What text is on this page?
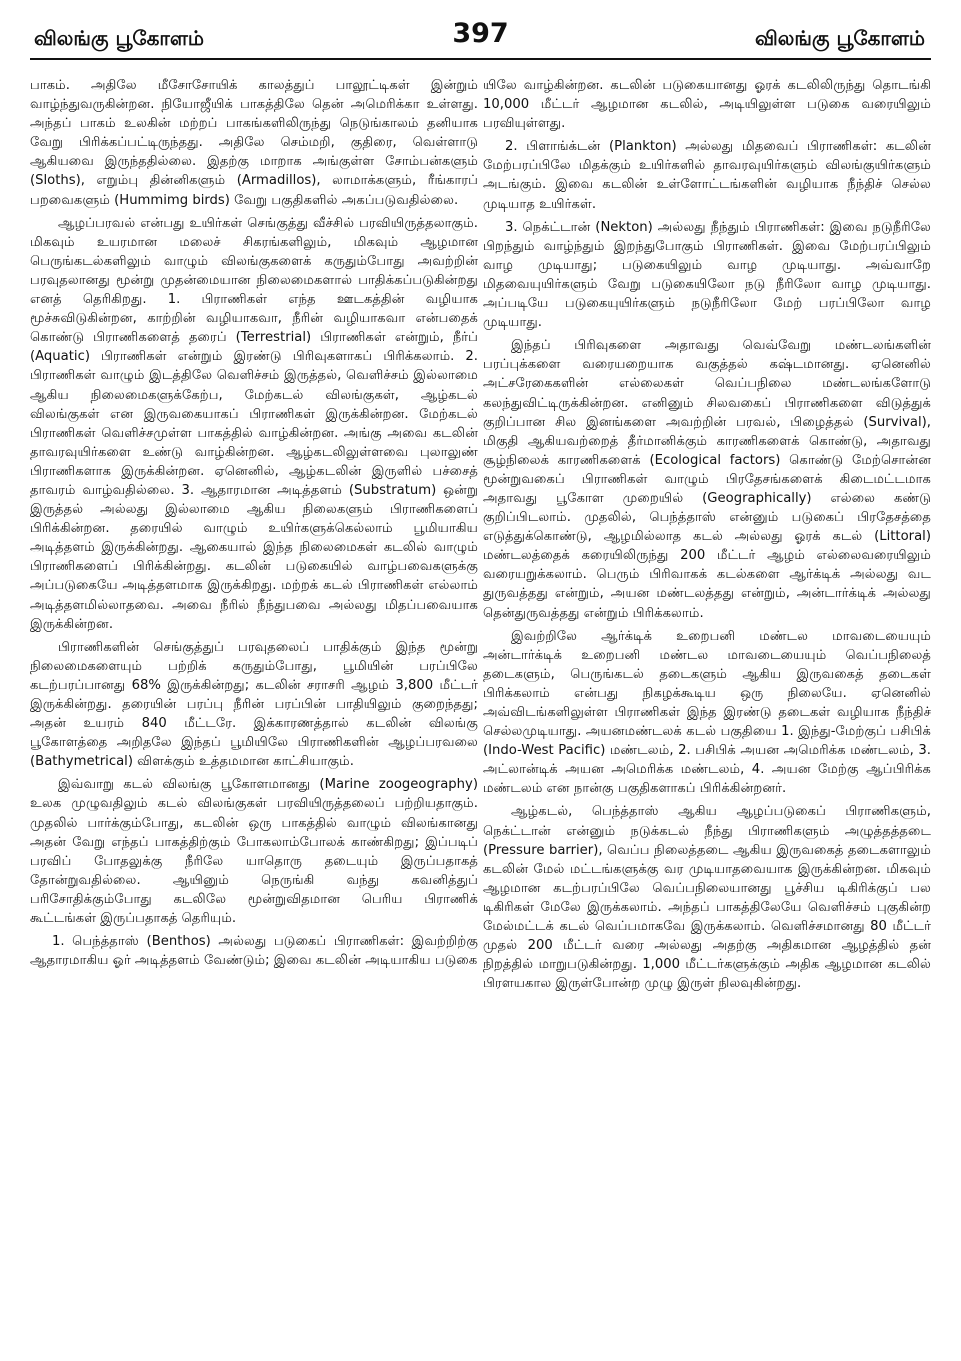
விலங்கு பூகோளம்	397	விலங்கு பூகோளம்

பாகம். அதிலே மீசோசோயிக் காலத்துப் பாலூட்டிகள் இன்றும் வாழ்ந்துவருகின்றன. நியோஜீயிக் பாகத்திலே தென் அமெரிக்கா உள்ளது. அந்தப் பாகம் உலகின் மற்றப் பாகங்களிலிருந்து நெடுங்காலம் தனியாக வேறு பிரிக்கப்பட்டிருந்தது. அதிலே செம்மறி, குதிரை, வெள்ளாடு ஆகியவை இருந்ததில்லை. இதற்கு மாறாக அங்குள்ள சோம்பன்களும் (Sloths), எறும்பு தின்னிகளும் (Armadillos), லாமாக்களும், ரீங்காரப் பறவைகளும் (Hummimg birds) வேறு பகுதிகளில் அகப்படுவதில்லை.

ஆழப்பரவல் என்பது உயிர்கள் செங்குத்து வீச்சில் பரவியிருத்தலாகும். மிகவும் உயரமான மலைச் சிகரங்களிலும், மிகவும் ஆழமான பெருங்கடல்களிலும் வாழும் விலங்குகளைக் கருதும்போது அவற்றின் பரவுதலானது மூன்று முதன்மையான நிலைமைகளால் பாதிக்கப்படுகின்றது எனத் தெரிகிறது. 1. பிராணிகள் எந்த ஊடகத்தின் வழியாக மூச்சுவிடுகின்றன, காற்றின் வழியாகவா, நீரின் வழியாகவா என்பதைக் கொண்டு பிராணிகளைத் தரைப் (Terrestrial) பிராணிகள் என்றும், நீர்ப் (Aquatic) பிராணிகள் என்றும் இரண்டு பிரிவுகளாகப் பிரிக்கலாம். 2. பிராணிகள் வாழும் இடத்திலே வெளிச்சம் இருத்தல், வெளிச்சம் இல்லாமை ஆகிய நிலைமைகளுக்கேற்ப, மேற்கடல் விலங்குகள், ஆழ்கடல் விலங்குகள் என இருவகையாகப் பிராணிகள் இருக்கின்றன. மேற்கடல் பிராணிகள் வெளிச்சமுள்ள பாகத்தில் வாழ்கின்றன. அங்கு அவை கடலின் தாவரவுயிர்களை உண்டு வாழ்கின்றன. ஆழ்கடலிலுள்ளவை புலாலுண் பிராணிகளாக இருக்கின்றன. ஏனெனில், ஆழ்கடலின் இருளில் பச்சைத் தாவரம் வாழ்வதில்லை. 3. ஆதாரமான அடித்தளம் (Substratum) ஒன்று இருத்தல் அல்லது இல்லாமை ஆகிய நிலைகளும் பிராணிகளைப் பிரிக்கின்றன. தரையில் வாழும் உயிர்களுக்கெல்லாம் பூமியாகிய அடித்தளம் இருக்கின்றது. ஆகையால் இந்த நிலைமைகள் கடலில் வாழும் பிராணிகளைப் பிரிக்கின்றது. கடலின் படுகையில் வாழ்பவைகளுக்கு அப்படுகையே அடித்தளமாக இருக்கிறது. மற்றக் கடல் பிராணிகள் எல்லாம் அடித்தளமில்லாதவை. அவை நீரில் நீந்துபவை அல்லது மிதப்பவையாக இருக்கின்றன.

பிராணிகளின் செங்குத்துப் பரவுதலைப் பாதிக்கும் இந்த மூன்று நிலைமைகளையும் பற்றிக் கருதும்போது, பூமியின் பரப்பிலே கடற்பரப்பானது 68% இருக்கின்றது; கடலின் சராசரி ஆழம் 3,800 மீட்டர் இருக்கின்றது. தரையின் பரப்பு நீரின் பரப்பின் பாதியிலும் குறைந்தது; அதன் உயரம் 840 மீட்டரே. இக்காரணத்தால் கடலின் விலங்கு பூகோளத்தை அறிதலே இந்தப் பூமியிலே பிராணிகளின் ஆழப்பரவலை (Bathymetrical) விளக்கும் உத்தமமான காட்சியாகும்.

இவ்வாறு கடல் விலங்கு பூகோளமானது (Marine zoogeography) உலக முழுவதிலும் கடல் விலங்குகள் பரவியிருத்தலைப் பற்றியதாகும். முதலில் பார்க்கும்போது, கடலின் ஒரு பாகத்தில் வாழும் விலங்கானது அதன் வேறு எந்தப் பாகத்திற்கும் போகலாம்போலக் காண்கிறது; இப்படிப் பரவிப் போதலுக்கு நீரிலே யாதொரு தடையும் இருப்பதாகத் தோன்றுவதில்லை. ஆயினும் நெருங்கி வந்து கவனித்துப் பரிசோதிக்கும்போது கடலிலே மூன்றுவிதமான பெரிய பிராணிக் கூட்டங்கள் இருப்பதாகத் தெரியும்.

1. பெந்த்தாஸ் (Benthos) அல்லது படுகைப் பிராணிகள்: இவற்றிற்கு ஆதாரமாகிய ஓர் அடித்தளம் வேண்டும்; இவை கடலின் அடியாகிய படுகை

யிலே வாழ்கின்றன. கடலின் படுகையானது ஓரக் கடலிலிருந்து தொடங்கி 10,000 மீட்டர் ஆழமான கடலில், அடியிலுள்ள படுகை வரையிலும் பரவியுள்ளது.

2. பிளாங்க்டன் (Plankton) அல்லது மிதவைப் பிராணிகள்: கடலின் மேற்பரப்பிலே மிதக்கும் உயிர்களில் தாவரவுயிர்களும் விலங்குயிர்களும் அடங்கும். இவை கடலின் உள்ளோட்டங்களின் வழியாக நீந்திச் செல்ல முடியாத உயிர்கள்.

3. நெக்ட்டான் (Nekton) அல்லது நீந்தும் பிராணிகள்: இவை நடுநீரிலே பிறந்தும் வாழ்ந்தும் இறந்துபோகும் பிராணிகள். இவை மேற்பரப்பிலும் வாழ முடியாது; படுகையிலும் வாழ முடியாது. அவ்வாறே மிதவையுயிர்களும் வேறு படுகையிலோ நடு நீரிலோ வாழ முடியாது. அப்படியே படுகையுயிர்களும் நடுநீரிலோ மேற் பரப்பிலோ வாழ முடியாது.

இந்தப் பிரிவுகளை அதாவது வெவ்வேறு மண்டலங்களின் பரப்புக்களை வரையறையாக வகுத்தல் கஷ்டமானது. ஏனெனில் அட்சரேகைகளின் எல்லைகள் வெப்பநிலை மண்டலங்களோடு கலந்துவிட்டிருக்கின்றன. எனினும் சிலவகைப் பிராணிகளை விடுத்துக் குறிப்பான சில இனங்களை அவற்றின் பரவல், பிழைத்தல் (Survival), மிகுதி ஆகியவற்றைத் தீர்மானிக்கும் காரணிகளைக் கொண்டு, அதாவது சூழ்நிலைக் காரணிகளைக் (Ecological factors) கொண்டு மேற்சொன்ன மூன்றுவகைப் பிராணிகள் வாழும் பிரதேசங்களைக் கிடைமட்டமாக அதாவது பூகோள முறையில் (Geographically) எல்லை கண்டு குறிப்பிடலாம். முதலில், பெந்த்தாஸ் என்னும் படுகைப் பிரதேசத்தை எடுத்துக்கொண்டு, ஆழமில்லாத கடல் அல்லது ஓரக் கடல் (Littoral) மண்டலத்தைக் கரையிலிருந்து 200 மீட்டர் ஆழம் எல்லைவரையிலும் வரையறுக்கலாம். பெரும் பிரிவாகக் கடல்களை ஆர்க்டிக் அல்லது வட துருவத்தது என்றும், அயன மண்டலத்தது என்றும், அன்டார்க்டிக் அல்லது தென்துருவத்தது என்றும் பிரிக்கலாம்.

இவற்றிலே ஆர்க்டிக் உறைபனி மண்டல மாவடையையும் அன்டார்க்டிக் உறைபனி மண்டல மாவடையையும் வெப்பநிலைத் தடைகளும், பெருங்கடல் தடைகளும் ஆகிய இருவகைத் தடைகள் பிரிக்கலாம் என்பது நிகழக்கூடிய ஒரு நிலையே. ஏனெனில் அவ்விடங்களிலுள்ள பிராணிகள் இந்த இரண்டு தடைகள் வழியாக நீந்திச் செல்லமுடியாது. அயனமண்டலக் கடல் பகுதியை 1. இந்து-மேற்குப் பசிபிக் (Indo-West Pacific) மண்டலம், 2. பசிபிக் அயன அமெரிக்க மண்டலம், 3. அட்லான்டிக் அயன அமெரிக்க மண்டலம், 4. அயன மேற்கு ஆப்பிரிக்க மண்டலம் என நான்கு பகுதிகளாகப் பிரிக்கின்றனர்.

ஆழ்கடல், பெந்த்தாஸ் ஆகிய ஆழப்படுகைப் பிராணிகளும், நெக்ட்டான் என்னும் நடுக்கடல் நீந்து பிராணிகளும் அழுத்தத்தடை (Pressure barrier), வெப்ப நிலைத்தடை ஆகிய இருவகைத் தடைகளாலும் கடலின் மேல் மட்டங்களுக்கு வர முடியாதவையாக இருக்கின்றன. மிகவும் ஆழமான கடற்பரப்பிலே வெப்பநிலையானது பூச்சிய டிகிரிக்குப் பல டிகிரிகள் மேலே இருக்கலாம். அந்தப் பாகத்திலேயே வெளிச்சம் புகுகின்ற மேல்மட்டக் கடல் வெப்பமாகவே இருக்கலாம். வெளிச்சமானது 80 மீட்டர் முதல் 200 மீட்டர் வரை அல்லது அதற்கு அதிகமான ஆழத்தில் தன் நிறத்தில் மாறுபடுகின்றது. 1,000 மீட்டர்களுக்கும் அதிக ஆழமான கடலில் பிரளயகால இருள்போன்ற முழு இருள் நிலவுகின்றது.
